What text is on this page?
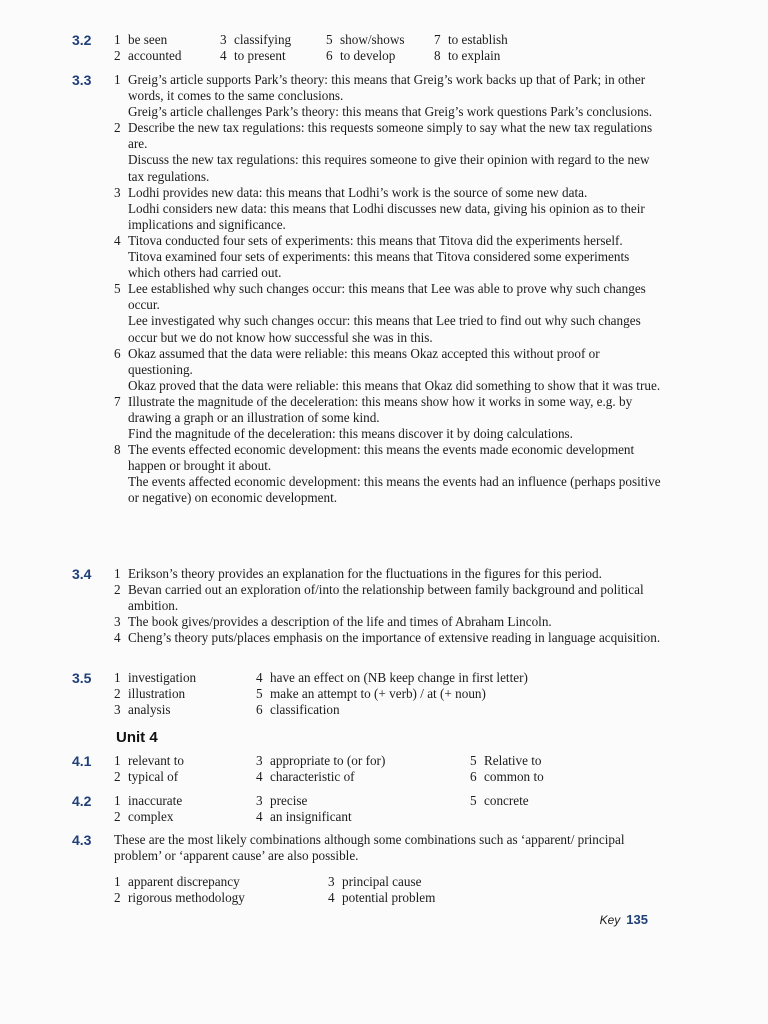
3.2 1 be seen
2 accounted
3 classifying
4 to present
5 show/shows
6 to develop
7 to establish
8 to explain
3.3 1 Greig’s article supports Park’s theory: this means that Greig’s work backs up that of Park; in other words, it comes to the same conclusions.
Greig’s article challenges Park’s theory: this means that Greig’s work questions Park’s conclusions.
2 Describe the new tax regulations: this requests someone simply to say what the new tax regulations are.
Discuss the new tax regulations: this requires someone to give their opinion with regard to the new tax regulations.
3 Lodhi provides new data: this means that Lodhi’s work is the source of some new data.
Lodhi considers new data: this means that Lodhi discusses new data, giving his opinion as to their implications and significance.
4 Titova conducted four sets of experiments: this means that Titova did the experiments herself.
Titova examined four sets of experiments: this means that Titova considered some experiments which others had carried out.
5 Lee established why such changes occur: this means that Lee was able to prove why such changes occur.
Lee investigated why such changes occur: this means that Lee tried to find out why such changes occur but we do not know how successful she was in this.
6 Okaz assumed that the data were reliable: this means Okaz accepted this without proof or questioning.
Okaz proved that the data were reliable: this means that Okaz did something to show that it was true.
7 Illustrate the magnitude of the deceleration: this means show how it works in some way, e.g. by drawing a graph or an illustration of some kind.
Find the magnitude of the deceleration: this means discover it by doing calculations.
8 The events effected economic development: this means the events made economic development happen or brought it about.
The events affected economic development: this means the events had an influence (perhaps positive or negative) on economic development.
3.4 1 Erikson’s theory provides an explanation for the fluctuations in the figures for this period.
2 Bevan carried out an exploration of/into the relationship between family background and political ambition.
3 The book gives/provides a description of the life and times of Abraham Lincoln.
4 Cheng’s theory puts/places emphasis on the importance of extensive reading in language acquisition.
3.5 1 investigation
2 illustration
3 analysis
4 have an effect on (NB keep change in first letter)
5 make an attempt to (+ verb) / at (+ noun)
6 classification
Unit 4
4.1 1 relevant to
2 typical of
3 appropriate to (or for)
4 characteristic of
5 Relative to
6 common to
4.2 1 inaccurate
2 complex
3 precise
4 an insignificant
5 concrete
4.3 These are the most likely combinations although some combinations such as ‘apparent/ principal problem’ or ‘apparent cause’ are also possible.
1 apparent discrepancy
2 rigorous methodology
3 principal cause
4 potential problem
Key 135
